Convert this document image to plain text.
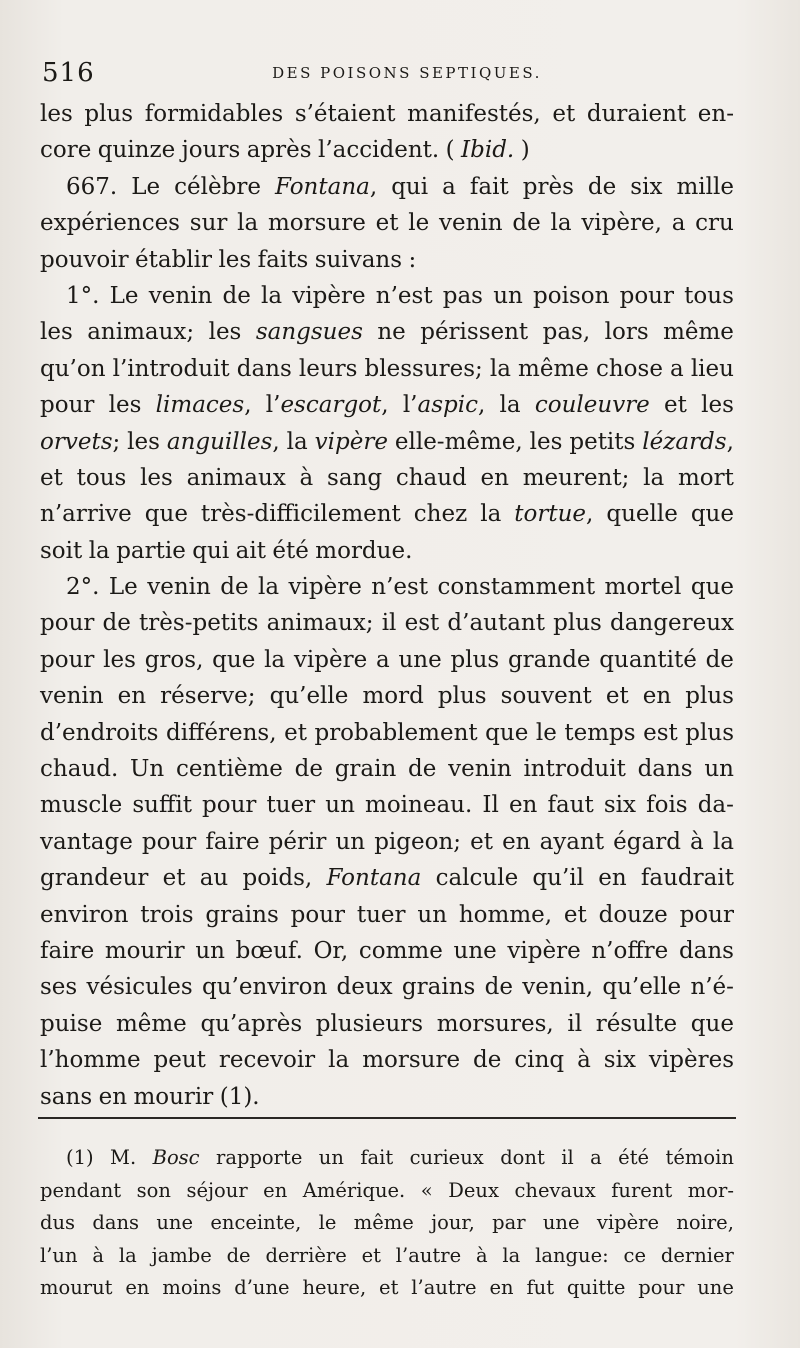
516	DES POISONS SEPTIQUES.
les plus formidables s’étaient manifestés, et duraient en-
core quinze jours après l’accident. ( Ibid. )
667. Le célèbre Fontana, qui a fait près de six mille
expériences sur la morsure et le venin de la vipère, a cru
pouvoir établir les faits suivans :
1°. Le venin de la vipère n’est pas un poison pour tous
les animaux; les sangsues ne périssent pas, lors même
qu’on l’introduit dans leurs blessures; la même chose a lieu
pour les limaces, l’escargot, l’aspic, la couleuvre et les
orvets; les anguilles, la vipère elle-même, les petits lézards,
et tous les animaux à sang chaud en meurent; la mort
n’arrive que très-difficilement chez la tortue, quelle que
soit la partie qui ait été mordue.
2°. Le venin de la vipère n’est constamment mortel que
pour de très-petits animaux; il est d’autant plus dangereux
pour les gros, que la vipère a une plus grande quantité de
venin en réserve; qu’elle mord plus souvent et en plus
d’endroits différens, et probablement que le temps est plus
chaud. Un centième de grain de venin introduit dans un
muscle suffit pour tuer un moineau. Il en faut six fois da-
vantage pour faire périr un pigeon; et en ayant égard à la
grandeur et au poids, Fontana calcule qu’il en faudrait
environ trois grains pour tuer un homme, et douze pour
faire mourir un bœuf. Or, comme une vipère n’offre dans
ses vésicules qu’environ deux grains de venin, qu’elle n’é-
puise même qu’après plusieurs morsures, il résulte que
l’homme peut recevoir la morsure de cinq à six vipères
sans en mourir (1).
(1) M. Bosc rapporte un fait curieux dont il a été témoin
pendant son séjour en Amérique. « Deux chevaux furent mor-
dus dans une enceinte, le même jour, par une vipère noire,
l’un à la jambe de derrière et l’autre à la langue: ce dernier
mourut en moins d’une heure, et l’autre en fut quitte pour une
